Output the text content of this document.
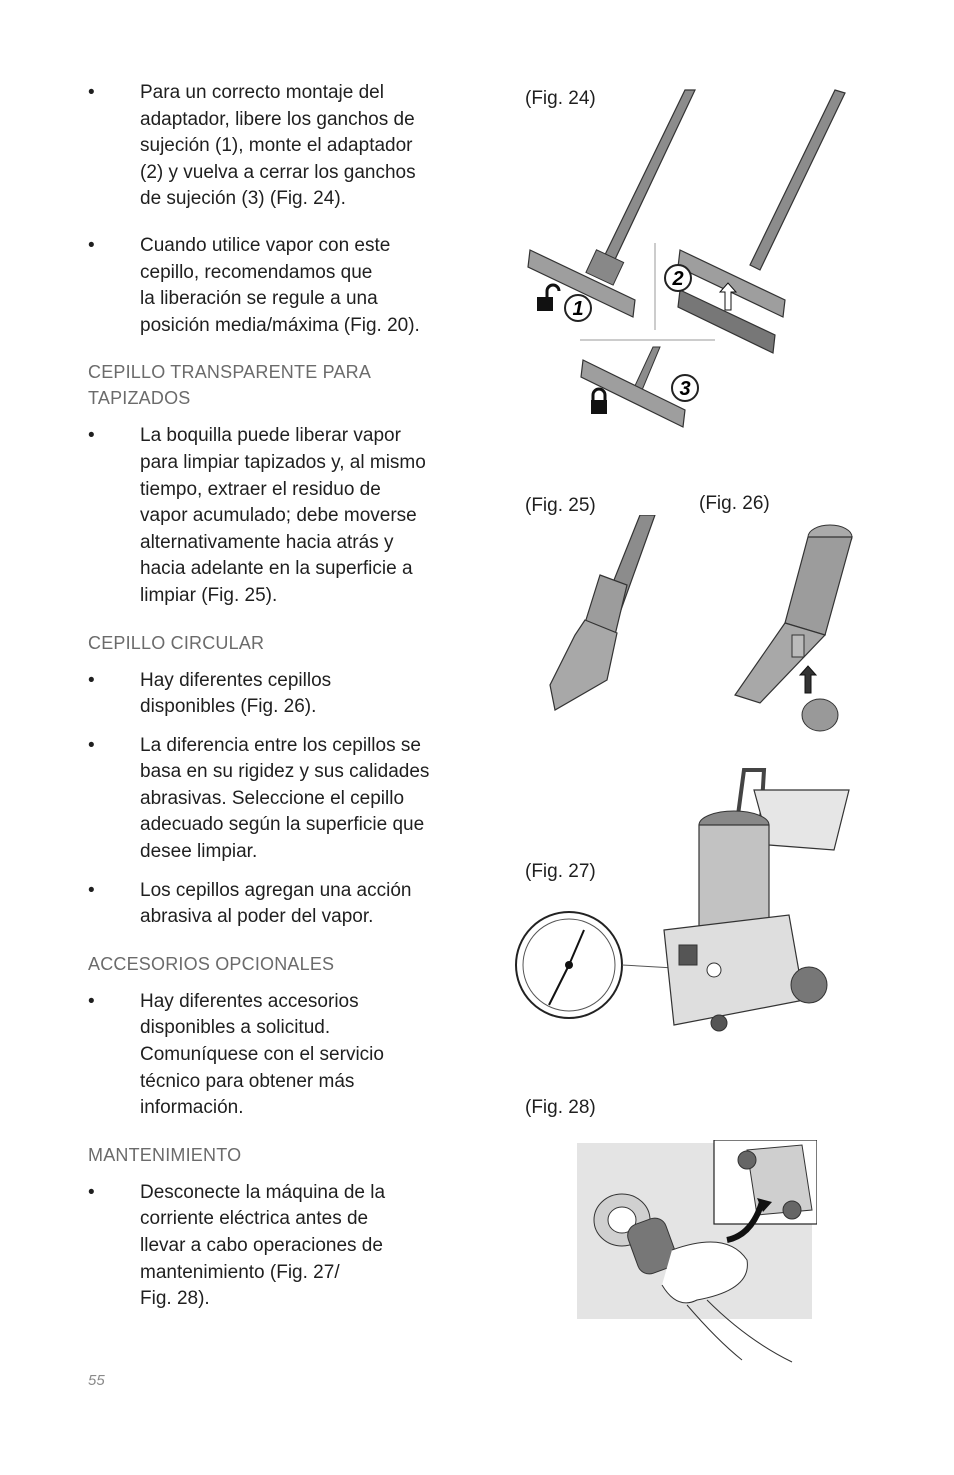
•	Para un correcto montaje del
adaptador, libere los ganchos de
sujeción (1), monte el adaptador
(2) y vuelva a cerrar los ganchos
de sujeción (3) (Fig. 24).

•	Cuando utilice vapor con este
cepillo, recomendamos que
la liberación se regule a una
posición media/máxima (Fig. 20).

CEPILLO TRANSPARENTE PARA
TAPIZADOS
•	La boquilla puede liberar vapor
para limpiar tapizados y, al mismo
tiempo, extraer el residuo de
vapor acumulado; debe moverse
alternativamente hacia atrás y
hacia adelante en la superficie a
limpiar (Fig. 25).

CEPILLO CIRCULAR
•	Hay diferentes cepillos
disponibles (Fig. 26).

•	La diferencia entre los cepillos se
basa en su rigidez y sus calidades
abrasivas. Seleccione el cepillo
adecuado según la superficie que
desee limpiar.

•	Los cepillos agregan una acción
abrasiva al poder del vapor.

ACCESORIOS OPCIONALES
•	Hay diferentes accesorios
disponibles a solicitud.
Comuníquese con el servicio
técnico para obtener más
información.

MANTENIMIENTO
•	Desconecte la máquina de la
corriente eléctrica antes de
llevar a cabo operaciones de
mantenimiento (Fig. 27/
Fig. 28).

55
(Fig. 24)
(Fig. 25)	(Fig. 26)
(Fig. 27)
(Fig. 28)
1
2
3
